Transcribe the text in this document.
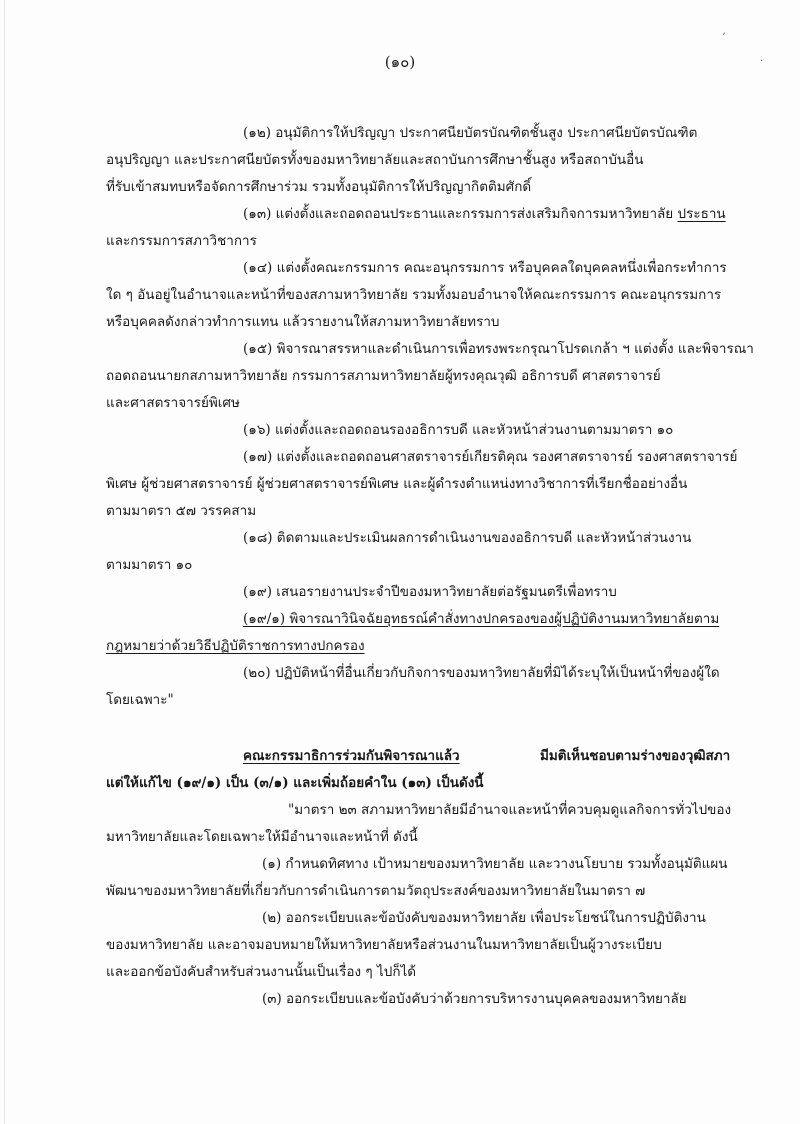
ʼ
·
(๑๐)
(๑๒) อนุมัติการให้ปริญญา ประกาศนียบัตรบัณฑิตชั้นสูง ประกาศนียบัตรบัณฑิต
อนุปริญญา และประกาศนียบัตรทั้งของมหาวิทยาลัยและสถาบันการศึกษาชั้นสูง หรือสถาบันอื่น
ที่รับเข้าสมทบหรือจัดการศึกษาร่วม รวมทั้งอนุมัติการให้ปริญญากิตติมศักดิ์
(๑๓) แต่งตั้งและถอดถอนประธานและกรรมการส่งเสริมกิจการมหาวิทยาลัย ประธาน
และกรรมการสภาวิชาการ
(๑๔) แต่งตั้งคณะกรรมการ คณะอนุกรรมการ หรือบุคคลใดบุคคลหนึ่งเพื่อกระทำการ
ใด ๆ อันอยู่ในอำนาจและหน้าที่ของสภามหาวิทยาลัย รวมทั้งมอบอำนาจให้คณะกรรมการ คณะอนุกรรมการ
หรือบุคคลดังกล่าวทำการแทน แล้วรายงานให้สภามหาวิทยาลัยทราบ
(๑๕) พิจารณาสรรหาและดำเนินการเพื่อทรงพระกรุณาโปรดเกล้า ฯ แต่งตั้ง และพิจารณา
ถอดถอนนายกสภามหาวิทยาลัย กรรมการสภามหาวิทยาลัยผู้ทรงคุณวุฒิ อธิการบดี ศาสตราจารย์
และศาสตราจารย์พิเศษ
(๑๖) แต่งตั้งและถอดถอนรองอธิการบดี และหัวหน้าส่วนงานตามมาตรา ๑๐
(๑๗) แต่งตั้งและถอดถอนศาสตราจารย์เกียรติคุณ รองศาสตราจารย์ รองศาสตราจารย์
พิเศษ ผู้ช่วยศาสตราจารย์ ผู้ช่วยศาสตราจารย์พิเศษ และผู้ดำรงตำแหน่งทางวิชาการที่เรียกชื่ออย่างอื่น
ตามมาตรา ๕๗ วรรคสาม
(๑๘) ติดตามและประเมินผลการดำเนินงานของอธิการบดี และหัวหน้าส่วนงาน
ตามมาตรา ๑๐
(๑๙) เสนอรายงานประจำปีของมหาวิทยาลัยต่อรัฐมนตรีเพื่อทราบ
(๑๙/๑) พิจารณาวินิจฉัยอุทธรณ์คำสั่งทางปกครองของผู้ปฏิบัติงานมหาวิทยาลัยตาม
กฎหมายว่าด้วยวิธีปฏิบัติราชการทางปกครอง
(๒๐) ปฏิบัติหน้าที่อื่นเกี่ยวกับกิจการของมหาวิทยาลัยที่มิได้ระบุให้เป็นหน้าที่ของผู้ใด
โดยเฉพาะ"
คณะกรรมาธิการร่วมกันพิจารณาแล้ว	มีมติเห็นชอบตามร่างของวุฒิสภา
แต่ให้แก้ไข (๑๙/๑) เป็น (๓/๑) และเพิ่มถ้อยคำใน (๑๓) เป็นดังนี้
"มาตรา ๒๓ สภามหาวิทยาลัยมีอำนาจและหน้าที่ควบคุมดูแลกิจการทั่วไปของ
มหาวิทยาลัยและโดยเฉพาะให้มีอำนาจและหน้าที่ ดังนี้
(๑) กำหนดทิศทาง เป้าหมายของมหาวิทยาลัย และวางนโยบาย รวมทั้งอนุมัติแผน
พัฒนาของมหาวิทยาลัยที่เกี่ยวกับการดำเนินการตามวัตถุประสงค์ของมหาวิทยาลัยในมาตรา ๗
(๒) ออกระเบียบและข้อบังคับของมหาวิทยาลัย เพื่อประโยชน์ในการปฏิบัติงาน
ของมหาวิทยาลัย และอาจมอบหมายให้มหาวิทยาลัยหรือส่วนงานในมหาวิทยาลัยเป็นผู้วางระเบียบ
และออกข้อบังคับสำหรับส่วนงานนั้นเป็นเรื่อง ๆ ไปก็ได้
(๓) ออกระเบียบและข้อบังคับว่าด้วยการบริหารงานบุคคลของมหาวิทยาลัย
